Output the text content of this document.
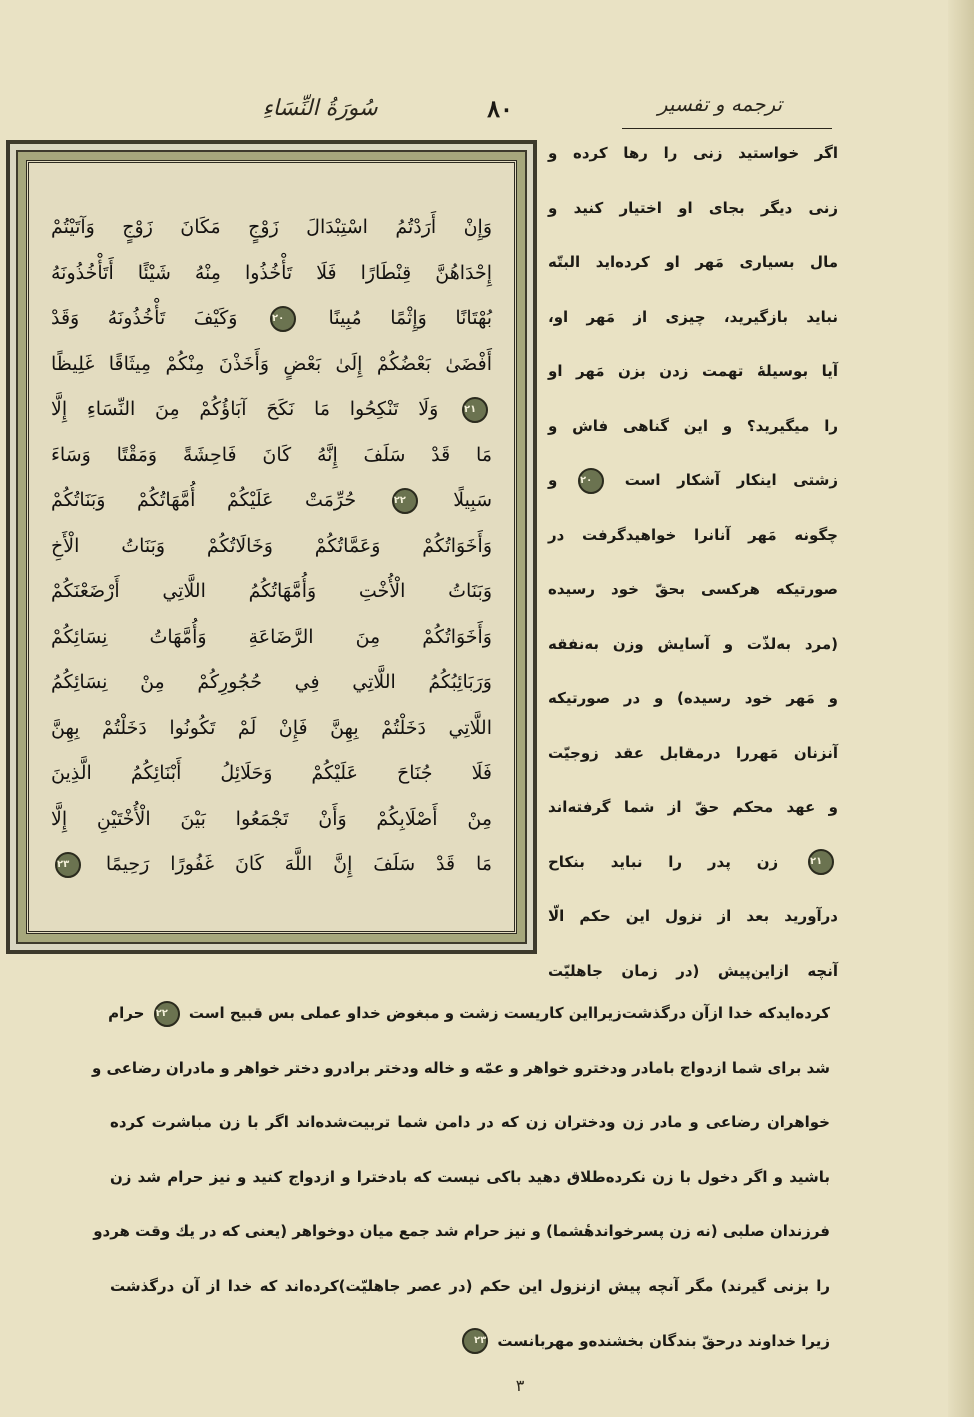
سُورَةُ النِّسَاءِ	۸۰	ترجمه و تفسیر
وَإِنْ أَرَدْتُمُ اسْتِبْدَالَ زَوْجٍ مَكَانَ زَوْجٍ وَآتَيْتُمْ
إِحْدَاهُنَّ قِنْطَارًا فَلَا تَأْخُذُوا مِنْهُ شَيْئًا أَتَأْخُذُونَهُ
بُهْتَانًا وَإِثْمًا مُبِينًا ۲۰ وَكَيْفَ تَأْخُذُونَهُ وَقَدْ
أَفْضَىٰ بَعْضُكُمْ إِلَىٰ بَعْضٍ وَأَخَذْنَ مِنْكُمْ مِيثَاقًا غَلِيظًا
۲۱ وَلَا تَنْكِحُوا مَا نَكَحَ آبَاؤُكُمْ مِنَ النِّسَاءِ إِلَّا
مَا قَدْ سَلَفَ إِنَّهُ كَانَ فَاحِشَةً وَمَقْتًا وَسَاءَ
سَبِيلًا ۲۲ حُرِّمَتْ عَلَيْكُمْ أُمَّهَاتُكُمْ وَبَنَاتُكُمْ
وَأَخَوَاتُكُمْ وَعَمَّاتُكُمْ وَخَالَاتُكُمْ وَبَنَاتُ الْأَخِ
وَبَنَاتُ الْأُخْتِ وَأُمَّهَاتُكُمُ اللَّاتِي أَرْضَعْنَكُمْ
وَأَخَوَاتُكُمْ مِنَ الرَّضَاعَةِ وَأُمَّهَاتُ نِسَائِكُمْ
وَرَبَائِبُكُمُ اللَّاتِي فِي حُجُورِكُمْ مِنْ نِسَائِكُمُ
اللَّاتِي دَخَلْتُمْ بِهِنَّ فَإِنْ لَمْ تَكُونُوا دَخَلْتُمْ بِهِنَّ
فَلَا جُنَاحَ عَلَيْكُمْ وَحَلَائِلُ أَبْنَائِكُمُ الَّذِينَ
مِنْ أَصْلَابِكُمْ وَأَنْ تَجْمَعُوا بَيْنَ الْأُخْتَيْنِ إِلَّا
مَا قَدْ سَلَفَ إِنَّ اللَّهَ كَانَ غَفُورًا رَحِيمًا ۲۳
اگر خواستید زنی را رها کرده و
زنی دیگر بجای او اختیار کنید و
مال بسیاری مَهر او کرده‌اید البتّه
نباید بازگیرید، چیزی از مَهر او،
آیا بوسیلهٔ تهمت زدن بزن مَهر او
را میگیرید؟ و این گناهی فاش و
زشتی اینکار آشکار است ۲۰ و
چگونه مَهر آنانرا خواهیدگرفت در
صورتیکه هرکسی بحقّ خود رسیده
(مرد به‌لذّت و آسایش وزن به‌نفقه
و مَهر خود رسیده) و در صورتیکه
آنزنان مَهررا درمقابل عقد زوجیّت
و عهد محکم حقّ از شما گرفته‌اند
۲۱ زن پدر را نباید بنکاح
درآورید بعد از نزول این حکم الّا
آنچه ازاین‌پیش (در زمان جاهلیّت
کرده‌ایدکه خدا ازآن درگذشت‌زیرااین کاریست زشت و مبغوض خداو عملی بس قبیح است ۲۲ حرام
شد برای شما ازدواج بامادر ودخترو خواهر و عمّه و خاله ودختر برادرو دختر خواهر و مادران رضاعی و
خواهران رضاعی و مادر زن ودختران زن که در دامن شما تربیت‌شده‌اند اگر با زن مباشرت کرده
باشید و اگر دخول با زن نکرده‌طلاق دهید باکی نیست که بادخترا و ازدواج کنید و نیز حرام شد زن
فرزندان صلبی (نه زن پسرخواندهٔشما) و نیز حرام شد جمع میان دوخواهر (یعنی که در یك وقت هردو
را بزنی گیرند) مگر آنچه پیش ازنزول این حکم (در عصر جاهلیّت)کرده‌اند که خدا از آن درگذشت
زیرا خداوند درحقّ بندگان بخشنده‌و مهربانست ۲۳
۳
